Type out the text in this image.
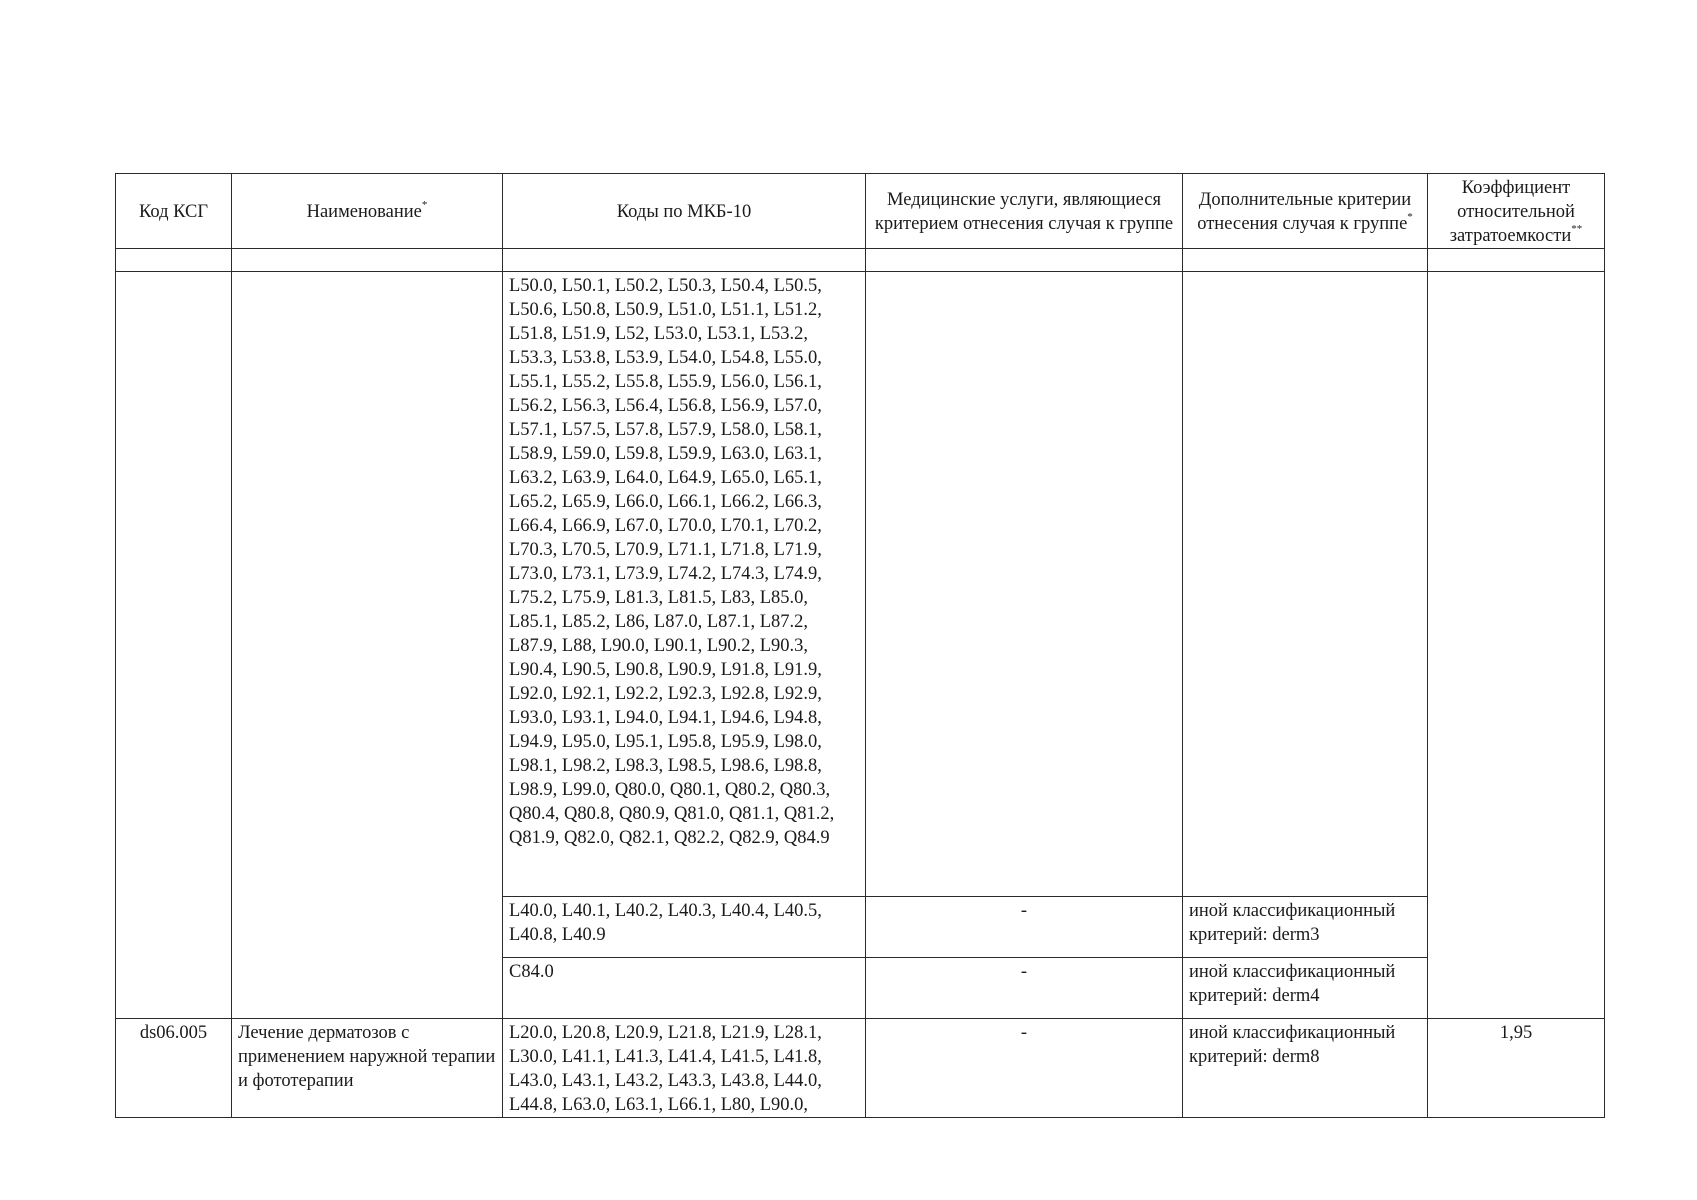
Код КСГ	Наименование*	Коды по МКБ-10	Медицинские услуги, являющиеся критерием отнесения случая к группе	Дополнительные критерии отнесения случая к группе*	Коэффициент относительной затратоемкости**

		L50.0, L50.1, L50.2, L50.3, L50.4, L50.5, L50.6, L50.8, L50.9, L51.0, L51.1, L51.2, L51.8, L51.9, L52, L53.0, L53.1, L53.2, L53.3, L53.8, L53.9, L54.0, L54.8, L55.0, L55.1, L55.2, L55.8, L55.9, L56.0, L56.1, L56.2, L56.3, L56.4, L56.8, L56.9, L57.0, L57.1, L57.5, L57.8, L57.9, L58.0, L58.1, L58.9, L59.0, L59.8, L59.9, L63.0, L63.1, L63.2, L63.9, L64.0, L64.9, L65.0, L65.1, L65.2, L65.9, L66.0, L66.1, L66.2, L66.3, L66.4, L66.9, L67.0, L70.0, L70.1, L70.2, L70.3, L70.5, L70.9, L71.1, L71.8, L71.9, L73.0, L73.1, L73.9, L74.2, L74.3, L74.9, L75.2, L75.9, L81.3, L81.5, L83, L85.0, L85.1, L85.2, L86, L87.0, L87.1, L87.2, L87.9, L88, L90.0, L90.1, L90.2, L90.3, L90.4, L90.5, L90.8, L90.9, L91.8, L91.9, L92.0, L92.1, L92.2, L92.3, L92.8, L92.9, L93.0, L93.1, L94.0, L94.1, L94.6, L94.8, L94.9, L95.0, L95.1, L95.8, L95.9, L98.0, L98.1, L98.2, L98.3, L98.5, L98.6, L98.8, L98.9, L99.0, Q80.0, Q80.1, Q80.2, Q80.3, Q80.4, Q80.8, Q80.9, Q81.0, Q81.1, Q81.2, Q81.9, Q82.0, Q82.1, Q82.2, Q82.9, Q84.9			
		L40.0, L40.1, L40.2, L40.3, L40.4, L40.5, L40.8, L40.9	-	иной классификационный критерий: derm3	
		C84.0	-	иной классификационный критерий: derm4	
ds06.005	Лечение дерматозов с применением наружной терапии и фототерапии	L20.0, L20.8, L20.9, L21.8, L21.9, L28.1, L30.0, L41.1, L41.3, L41.4, L41.5, L41.8, L43.0, L43.1, L43.2, L43.3, L43.8, L44.0, L44.8, L63.0, L63.1, L66.1, L80, L90.0,	-	иной классификационный критерий: derm8	1,95
